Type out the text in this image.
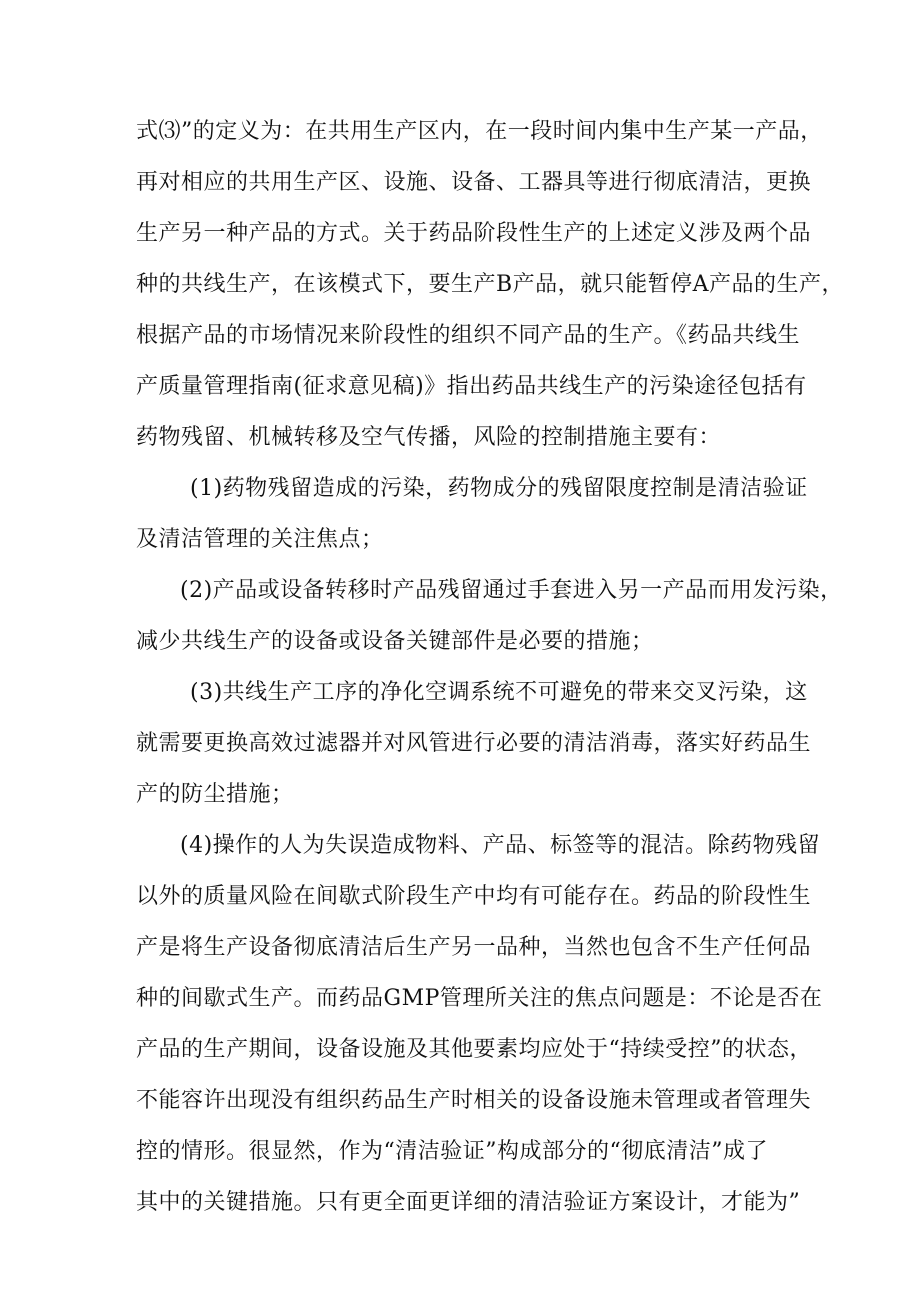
式⑶”的定义为：在共用生产区内，在一段时间内集中生产某一产品，
再对相应的共用生产区、设施、设备、工器具等进行彻底清洁，更换
生产另一种产品的方式。关于药品阶段性生产的上述定义涉及两个品
种的共线生产，在该模式下，要生产B产品，就只能暂停A产品的生产，
根据产品的市场情况来阶段性的组织不同产品的生产。《药品共线生
产质量管理指南(征求意见稿)》指出药品共线生产的污染途径包括有
药物残留、机械转移及空气传播，风险的控制措施主要有：
(1)药物残留造成的污染，药物成分的残留限度控制是清洁验证
及清洁管理的关注焦点；
(2)产品或设备转移时产品残留通过手套进入另一产品而用发污染，
减少共线生产的设备或设备关键部件是必要的措施；
(3)共线生产工序的净化空调系统不可避免的带来交叉污染，这
就需要更换高效过滤器并对风管进行必要的清洁消毒，落实好药品生
产的防尘措施；
(4)操作的人为失误造成物料、产品、标签等的混洁。除药物残留
以外的质量风险在间歇式阶段生产中均有可能存在。药品的阶段性生
产是将生产设备彻底清洁后生产另一品种，当然也包含不生产任何品
种的间歇式生产。而药品GMP管理所关注的焦点问题是：不论是否在
产品的生产期间，设备设施及其他要素均应处于“持续受控”的状态，
不能容许出现没有组织药品生产时相关的设备设施未管理或者管理失
控的情形。很显然，作为“清洁验证”构成部分的“彻底清洁”成了
其中的关键措施。只有更全面更详细的清洁验证方案设计，才能为”
